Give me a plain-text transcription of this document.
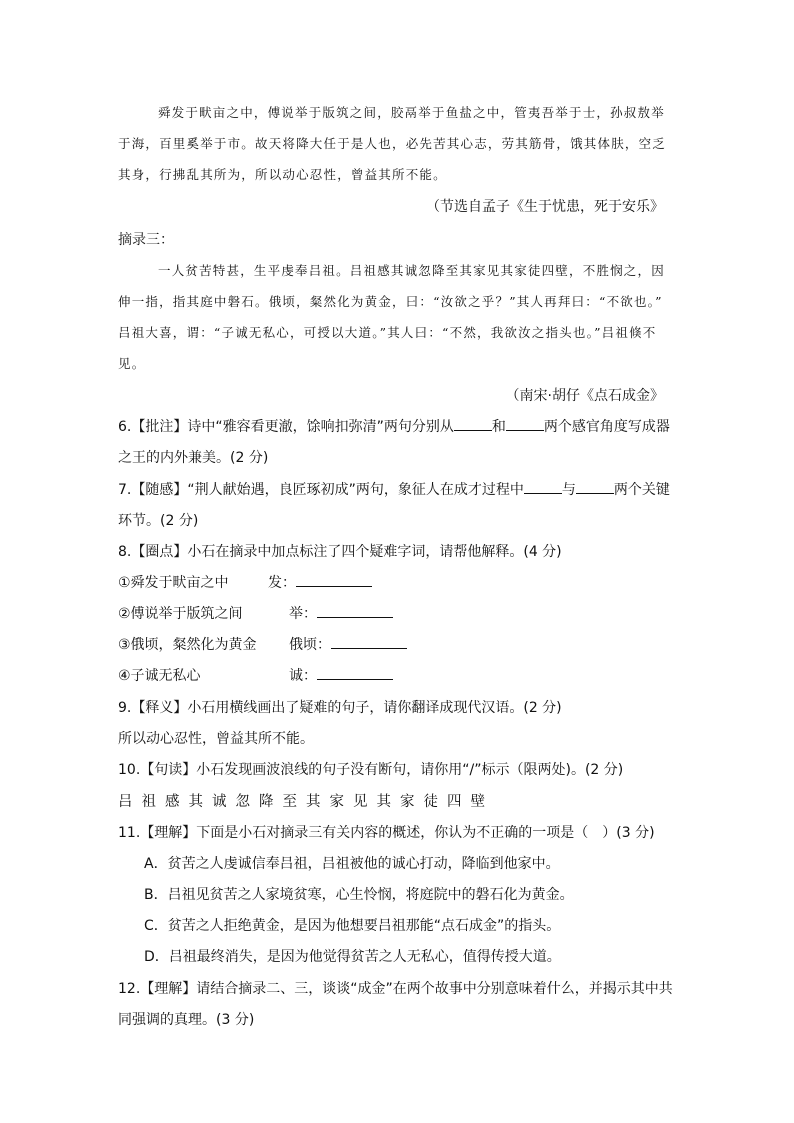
舜发于畎亩之中，傅说举于版筑之间，胶鬲举于鱼盐之中，管夷吾举于士，孙叔敖举
于海，百里奚举于市。故天将降大任于是人也，必先苦其心志，劳其筋骨，饿其体肤，空乏
其身，行拂乱其所为，所以动心忍性，曾益其所不能。
（节选自孟子《生于忧患，死于安乐》
摘录三：
一人贫苦特甚，生平虔奉吕祖。吕祖感其诚忽降至其家见其家徒四壁，不胜悯之，因
伸一指，指其庭中磐石。俄顷，粲然化为黄金，曰：“汝欲之乎？”其人再拜曰：“不欲也。”
吕祖大喜，谓：“子诚无私心，可授以大道。”其人曰：“不然，我欲汝之指头也。”吕祖倏不
见。
（南宋·胡仔《点石成金》
6.【批注】诗中“雅容看更澈，馀响扣弥清”两句分别从	和	两个感官角度写成器
之王的内外兼美。(2 分)
7.【随感】“荆人献始遇，良匠琢初成”两句，象征人在成才过程中	与	两个关键
环节。(2 分)
8.【圈点】小石在摘录中加点标注了四个疑难字词，请帮他解释。(4 分)
①舜发于畎亩之中	发：
②傅说举于版筑之间	举：
③俄顷，粲然化为黄金 俄顷：
④子诚无私心	诚：
9.【释义】小石用横线画出了疑难的句子，请你翻译成现代汉语。(2 分)
所以动心忍性，曾益其所不能。
10.【句读】小石发现画波浪线的句子没有断句，请你用“/”标示（限两处)。(2 分)
吕祖感其诚忽降至其家见其家徒四壁
11.【理解】下面是小石对摘录三有关内容的概述，你认为不正确的一项是（　）(3 分)
A．贫苦之人虔诚信奉吕祖，吕祖被他的诚心打动，降临到他家中。
B．吕祖见贫苦之人家境贫寒，心生怜悯，将庭院中的磐石化为黄金。
C．贫苦之人拒绝黄金，是因为他想要吕祖那能“点石成金”的指头。
D．吕祖最终消失，是因为他觉得贫苦之人无私心，值得传授大道。
12.【理解】请结合摘录二、三，谈谈“成金”在两个故事中分别意味着什么，并揭示其中共
同强调的真理。(3 分)
